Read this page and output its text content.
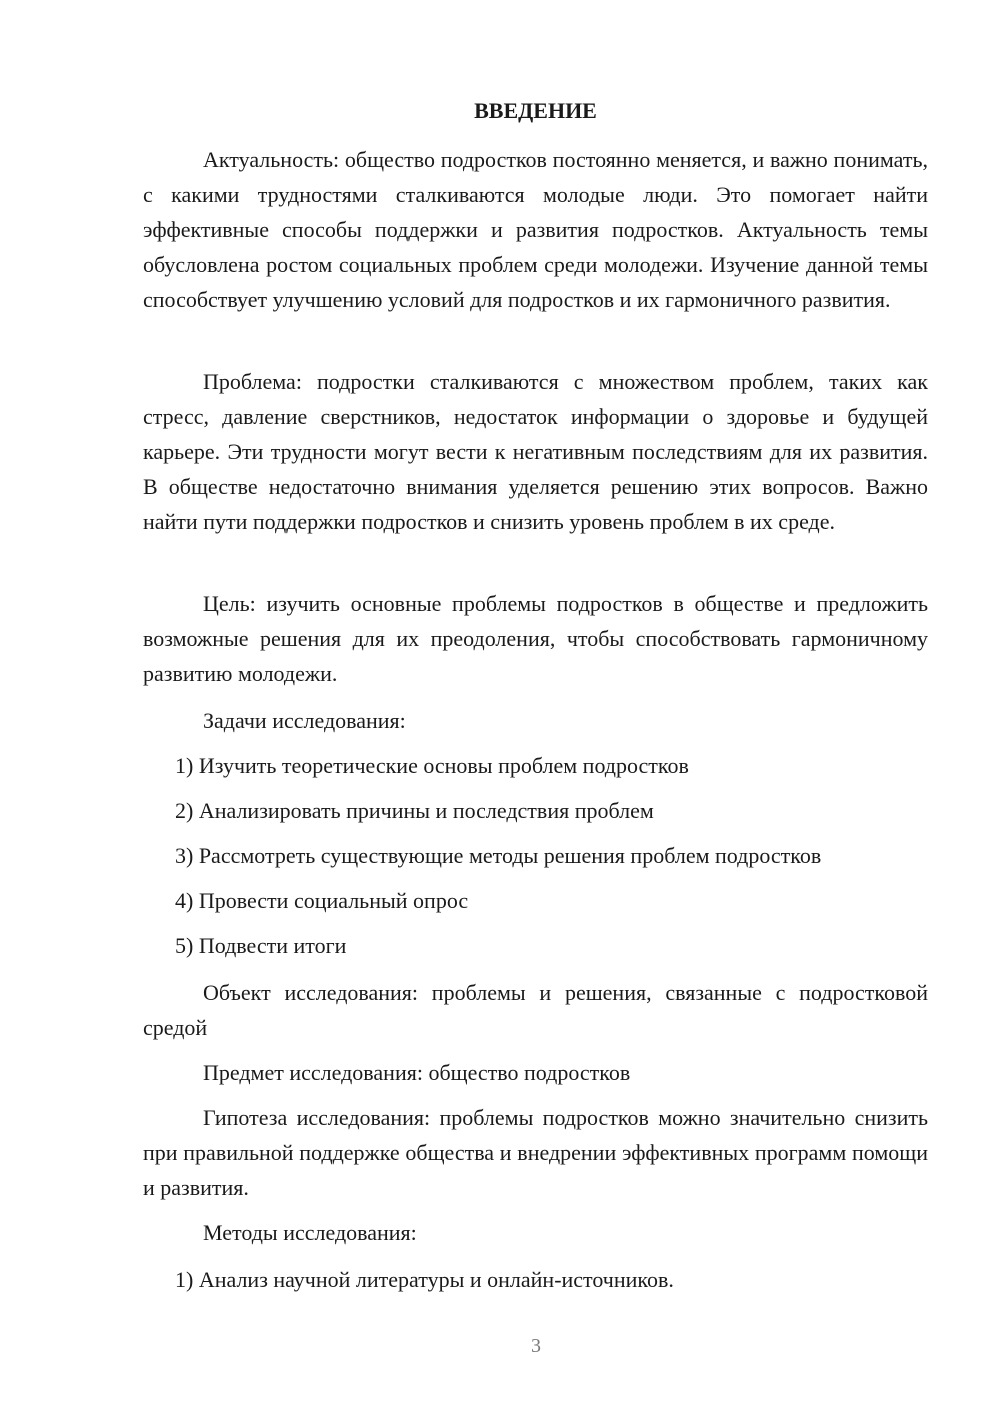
ВВЕДЕНИЕ
Актуальность: общество подростков постоянно меняется, и важно понимать, с какими трудностями сталкиваются молодые люди. Это помогает найти эффективные способы поддержки и развития подростков. Актуальность темы обусловлена ростом социальных проблем среди молодежи. Изучение данной темы способствует улучшению условий для подростков и их гармоничного развития.
Проблема: подростки сталкиваются с множеством проблем, таких как стресс, давление сверстников, недостаток информации о здоровье и будущей карьере. Эти трудности могут вести к негативным последствиям для их развития. В обществе недостаточно внимания уделяется решению этих вопросов. Важно найти пути поддержки подростков и снизить уровень проблем в их среде.
Цель: изучить основные проблемы подростков в обществе и предложить возможные решения для их преодоления, чтобы способствовать гармоничному развитию молодежи.
Задачи исследования:
1) Изучить теоретические основы проблем подростков
2) Анализировать причины и последствия проблем
3) Рассмотреть существующие методы решения проблем подростков
4) Провести социальный опрос
5) Подвести итоги
Объект исследования: проблемы и решения, связанные с подростковой средой
Предмет исследования: общество подростков
Гипотеза исследования: проблемы подростков можно значительно снизить при правильной поддержке общества и внедрении эффективных программ помощи и развития.
Методы исследования:
1) Анализ научной литературы и онлайн-источников.
3
